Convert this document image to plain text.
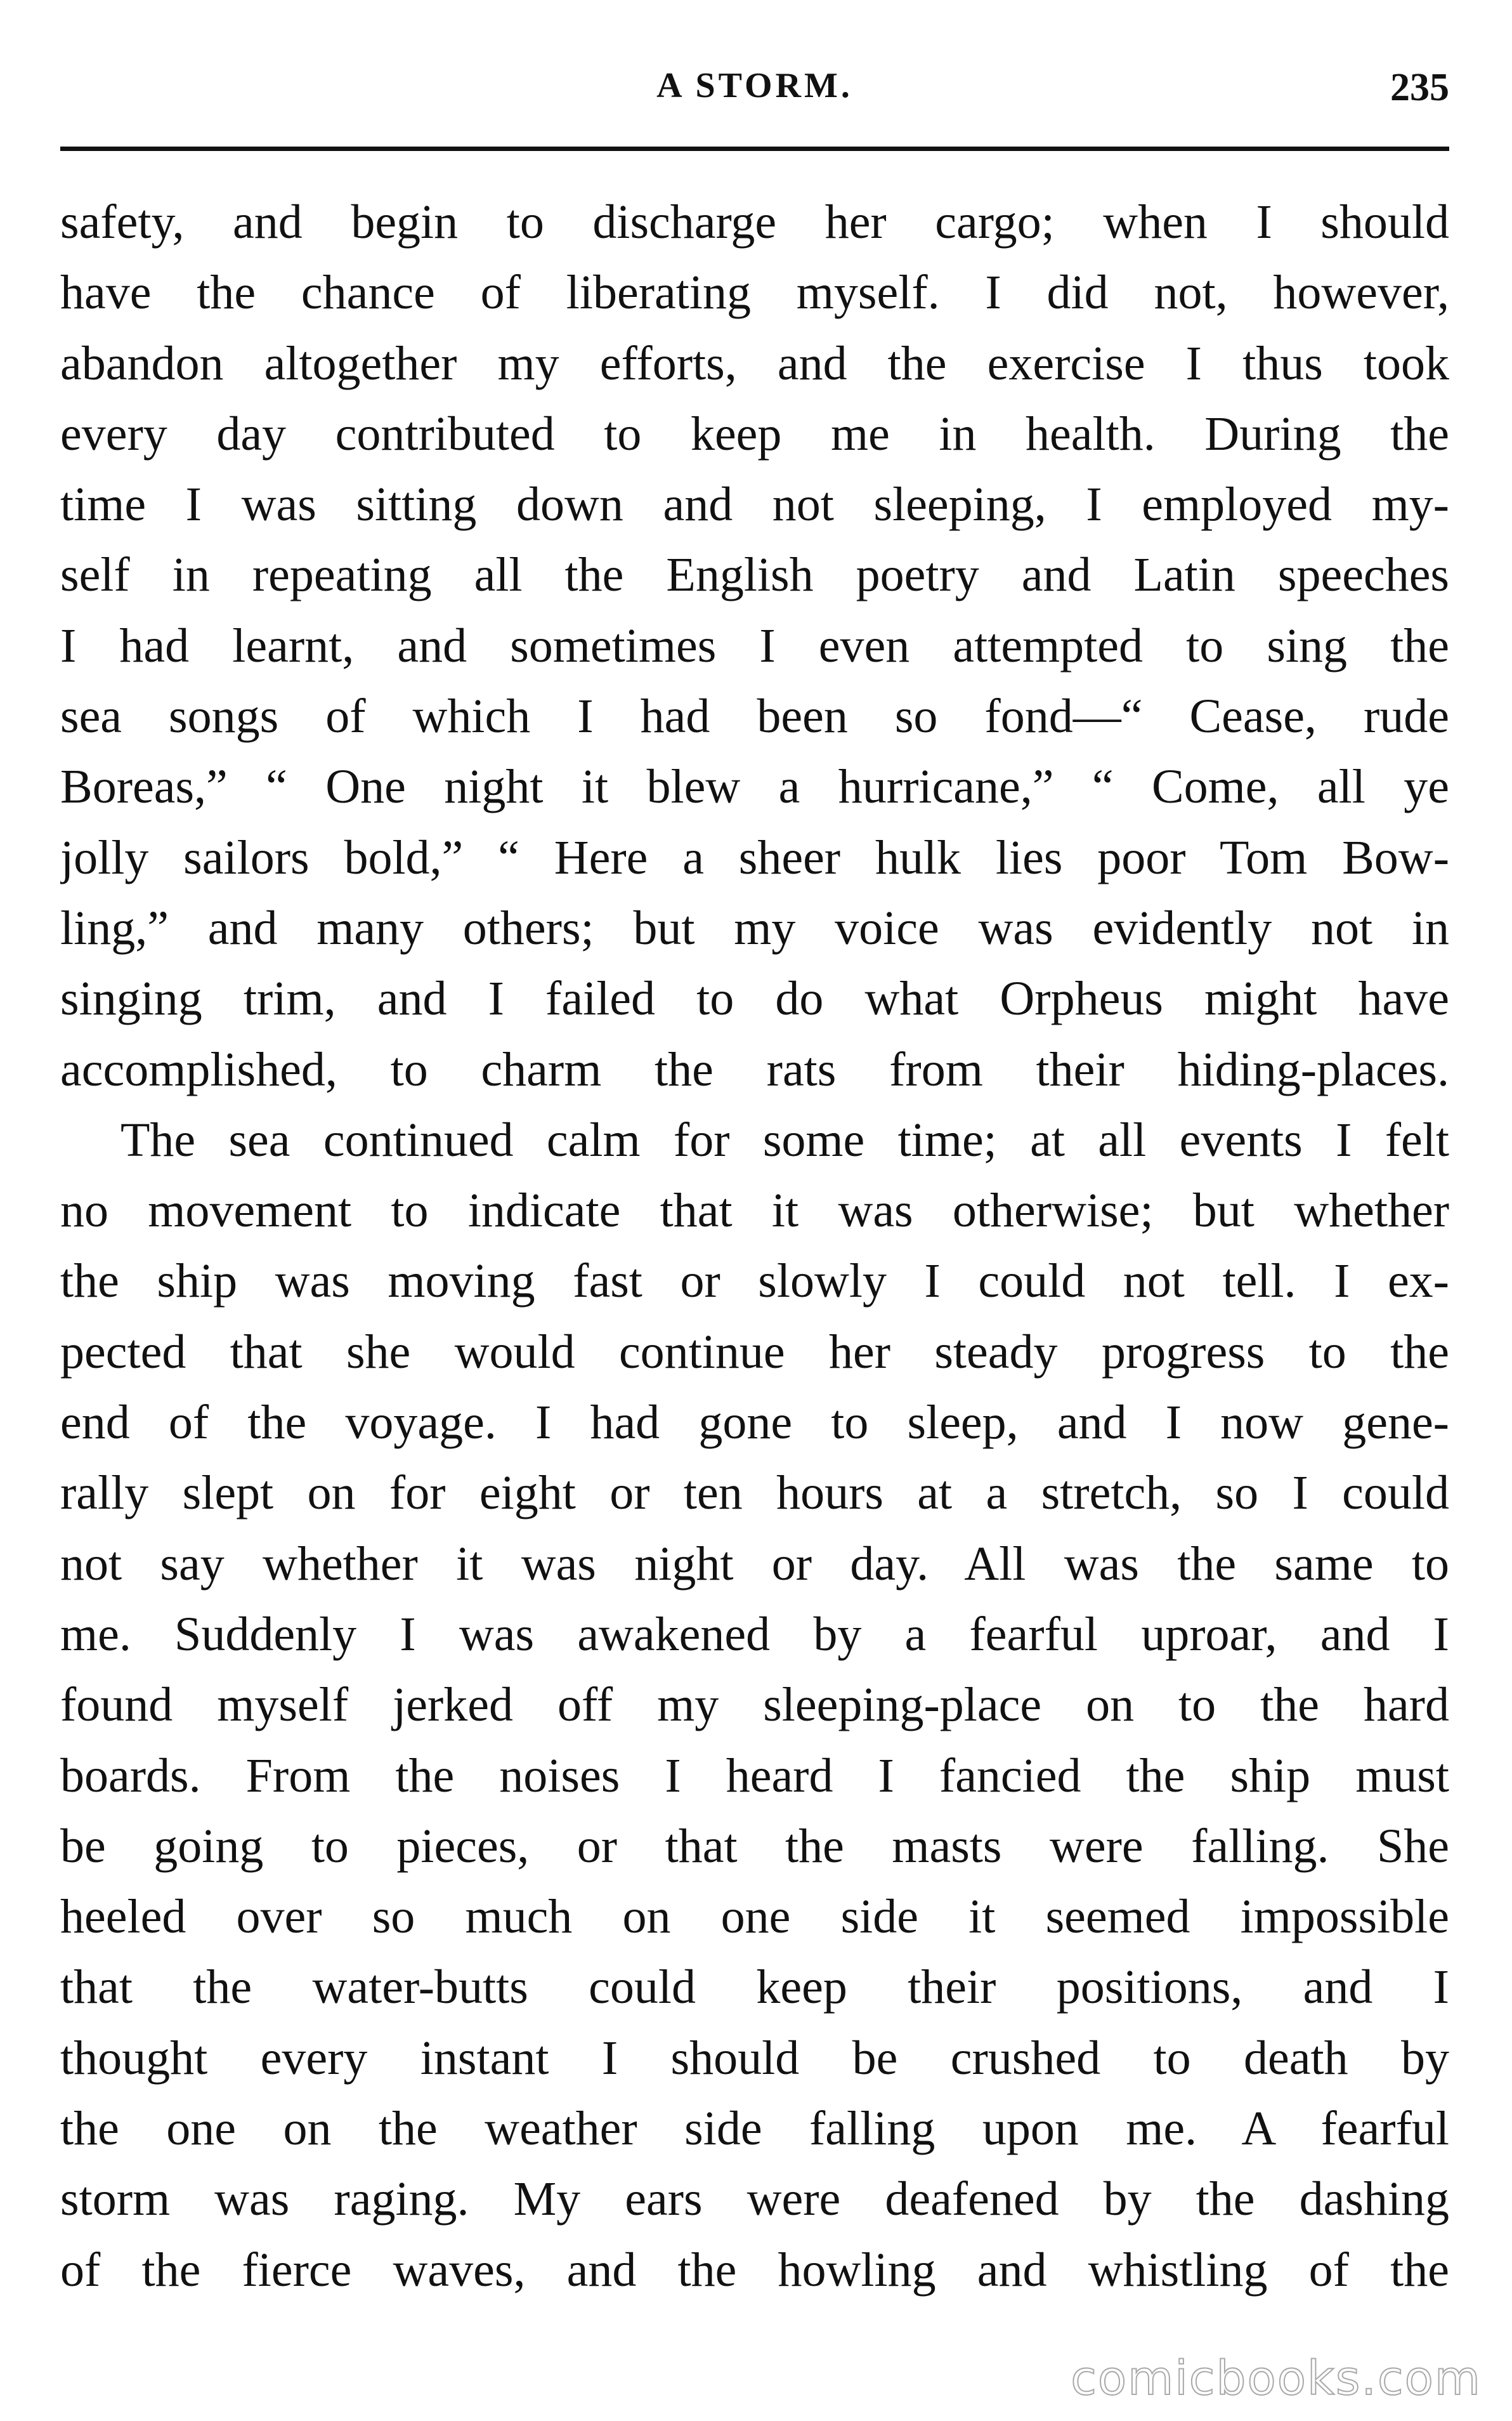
A STORM.	235
safety, and begin to discharge her cargo; when I should
have the chance of liberating myself. I did not, however,
abandon altogether my efforts, and the exercise I thus took
every day contributed to keep me in health. During the
time I was sitting down and not sleeping, I employed my-
self in repeating all the English poetry and Latin speeches
I had learnt, and sometimes I even attempted to sing the
sea songs of which I had been so fond—“ Cease, rude
Boreas,” “ One night it blew a hurricane,” “ Come, all ye
jolly sailors bold,” “ Here a sheer hulk lies poor Tom Bow-
ling,” and many others; but my voice was evidently not in
singing trim, and I failed to do what Orpheus might have
accomplished, to charm the rats from their hiding-places.
The sea continued calm for some time; at all events I felt
no movement to indicate that it was otherwise; but whether
the ship was moving fast or slowly I could not tell. I ex-
pected that she would continue her steady progress to the
end of the voyage. I had gone to sleep, and I now gene-
rally slept on for eight or ten hours at a stretch, so I could
not say whether it was night or day. All was the same to
me. Suddenly I was awakened by a fearful uproar, and I
found myself jerked off my sleeping-place on to the hard
boards. From the noises I heard I fancied the ship must
be going to pieces, or that the masts were falling. She
heeled over so much on one side it seemed impossible
that the water-butts could keep their positions, and I
thought every instant I should be crushed to death by
the one on the weather side falling upon me. A fearful
storm was raging. My ears were deafened by the dashing
of the fierce waves, and the howling and whistling of the
comicbooks.com
